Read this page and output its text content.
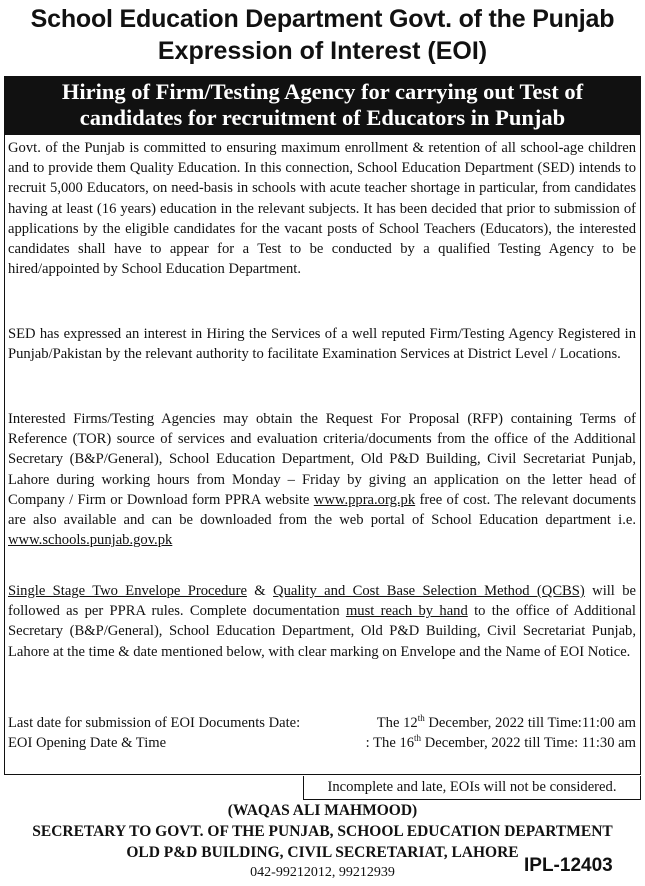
School Education Department Govt. of the Punjab
Expression of Interest (EOI)
Hiring of Firm/Testing Agency for carrying out Test of
candidates for recruitment of Educators in Punjab
Govt. of the Punjab is committed to ensuring maximum enrollment & retention of all school-age children and to provide them Quality Education. In this connection, School Education Department (SED) intends to recruit 5,000 Educators, on need-basis in schools with acute teacher shortage in particular, from candidates having at least (16 years) education in the relevant subjects. It has been decided that prior to submission of applications by the eligible candidates for the vacant posts of School Teachers (Educators), the interested candidates shall have to appear for a Test to be conducted by a qualified Testing Agency to be hired/appointed by School Education Department.
SED has expressed an interest in Hiring the Services of a well reputed Firm/Testing Agency Registered in Punjab/Pakistan by the relevant authority to facilitate Examination Services at District Level / Locations.
Interested Firms/Testing Agencies may obtain the Request For Proposal (RFP) containing Terms of Reference (TOR) source of services and evaluation criteria/documents from the office of the Additional Secretary (B&P/General), School Education Department, Old P&D Building, Civil Secretariat Punjab, Lahore during working hours from Monday – Friday by giving an application on the letter head of Company / Firm or Download form PPRA website www.ppra.org.pk free of cost. The relevant documents are also available and can be downloaded from the web portal of School Education department i.e. www.schools.punjab.gov.pk
Single Stage Two Envelope Procedure & Quality and Cost Base Selection Method (QCBS) will be followed as per PPRA rules. Complete documentation must reach by hand to the office of Additional Secretary (B&P/General), School Education Department, Old P&D Building, Civil Secretariat Punjab, Lahore at the time & date mentioned below, with clear marking on Envelope and the Name of EOI Notice.
Last date for submission of EOI Documents Date:	The 12th December, 2022 till Time:11:00 am
EOI Opening Date & Time	: The 16th December, 2022 till Time: 11:30 am
Incomplete and late, EOIs will not be considered.
(WAQAS ALI MAHMOOD)
SECRETARY TO GOVT. OF THE PUNJAB, SCHOOL EDUCATION DEPARTMENT
OLD P&D BUILDING, CIVIL SECRETARIAT, LAHORE
042-99212012, 99212939	IPL-12403
